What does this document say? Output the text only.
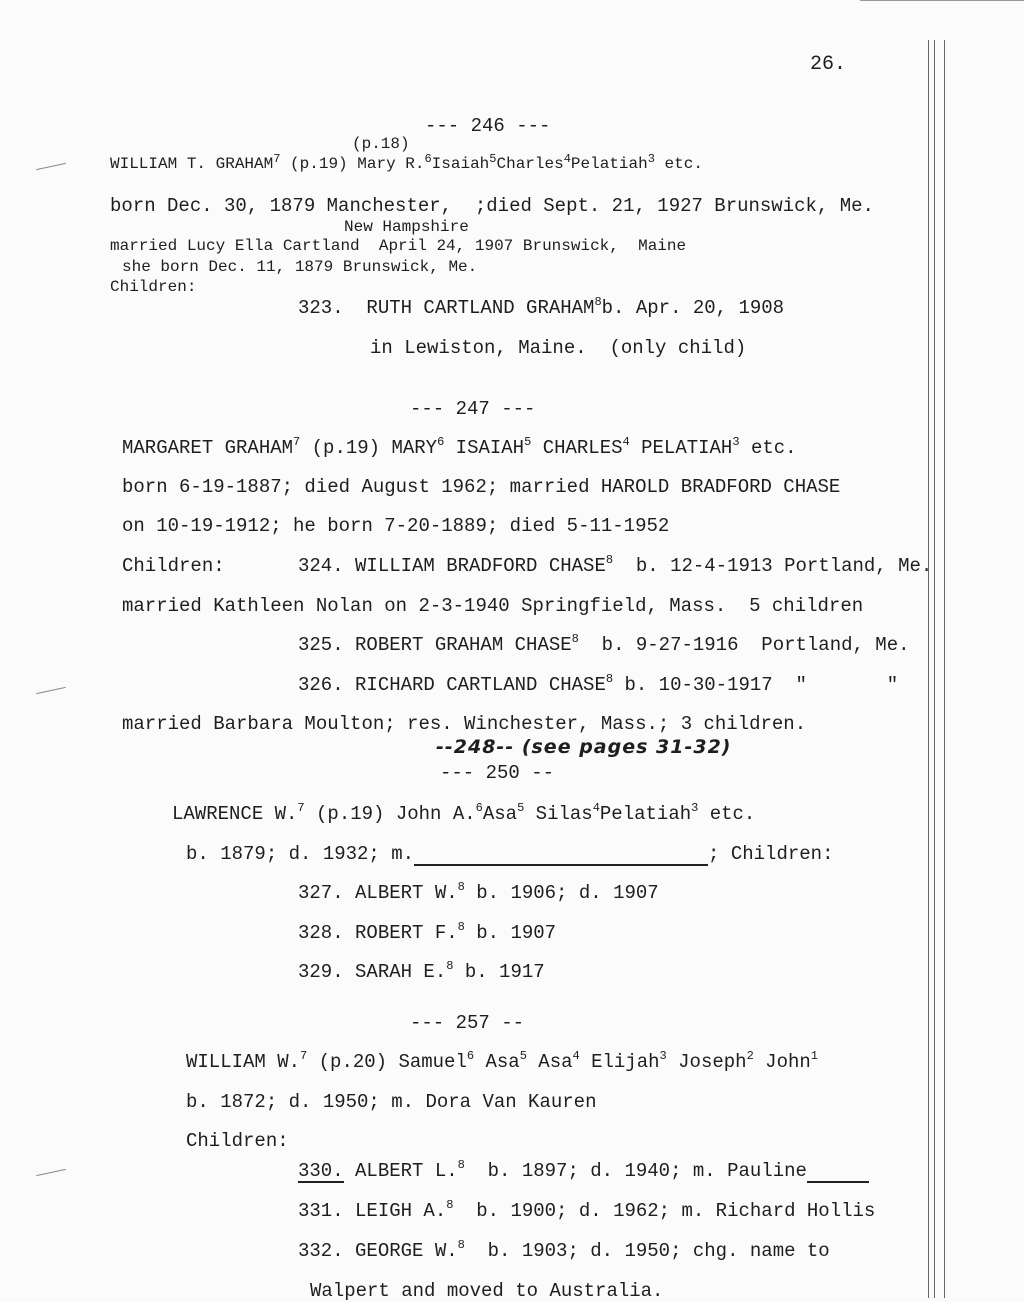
26.
--- 246 ---
(p.18)
WILLIAM T. GRAHAM$^7$ (p.19) Mary R.$^6$Isaiah$^5$Charles$^4$Pelatiah$^3$ etc.
born Dec. 30, 1879 Manchester,  ;died Sept. 21, 1927 Brunswick, Me.
New Hampshire
married Lucy Ella Cartland  April 24, 1907 Brunswick,  Maine
she born Dec. 11, 1879 Brunswick, Me.
Children:
323.  RUTH CARTLAND GRAHAM$^8$b. Apr. 20, 1908
in Lewiston, Maine.  (only child)
--- 247 ---
MARGARET GRAHAM$^7$ (p.19) MARY$^6$ ISAIAH$^5$ CHARLES$^4$ PELATIAH$^3$ etc.
born 6-19-1887; died August 1962; married HAROLD BRADFORD CHASE
on 10-19-1912; he born 7-20-1889; died 5-11-1952
Children:	324. WILLIAM BRADFORD CHASE$^8$  b. 12-4-1913 Portland, Me.
married Kathleen Nolan on 2-3-1940 Springfield, Mass.  5 children
325. ROBERT GRAHAM CHASE$^8$  b. 9-27-1916  Portland, Me.
326. RICHARD CARTLAND CHASE$^8$ b. 10-30-1917  "       "
married Barbara Moulton; res. Winchester, Mass.; 3 children.
--248-- (see pages 31-32)
--- 250 --
LAWRENCE W.$^7$ (p.19) John A.$^6$Asa$^5$ Silas$^4$Pelatiah$^3$ etc.
b. 1879; d. 1932; m.	; Children:
327. ALBERT W.$^8$ b. 1906; d. 1907
328. ROBERT F.$^8$ b. 1907
329. SARAH E.$^8$ b. 1917
--- 257 --
WILLIAM W.$^7$ (p.20) Samuel$^6$ Asa$^5$ Asa$^4$ Elijah$^3$ Joseph$^2$ John$^1$
b. 1872; d. 1950; m. Dora Van Kauren
Children:
330. ALBERT L.$^8$  b. 1897; d. 1940; m. Pauline
331. LEIGH A.$^8$  b. 1900; d. 1962; m. Richard Hollis
332. GEORGE W.$^8$  b. 1903; d. 1950; chg. name to
Walpert and moved to Australia.
